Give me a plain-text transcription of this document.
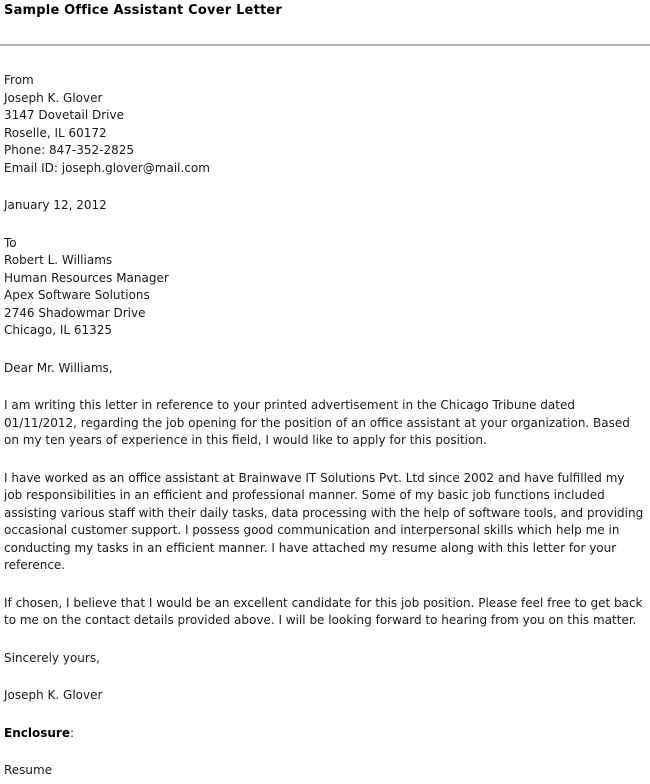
Sample Office Assistant Cover Letter
From
Joseph K. Glover
3147 Dovetail Drive
Roselle, IL 60172
Phone: 847-352-2825
Email ID: joseph.glover@mail.com
January 12, 2012
To
Robert L. Williams
Human Resources Manager
Apex Software Solutions
2746 Shadowmar Drive
Chicago, IL 61325
Dear Mr. Williams,
I am writing this letter in reference to your printed advertisement in the Chicago Tribune dated 01/11/2012, regarding the job opening for the position of an office assistant at your organization. Based on my ten years of experience in this field, I would like to apply for this position.
I have worked as an office assistant at Brainwave IT Solutions Pvt. Ltd since 2002 and have fulfilled my job responsibilities in an efficient and professional manner. Some of my basic job functions included assisting various staff with their daily tasks, data processing with the help of software tools, and providing occasional customer support. I possess good communication and interpersonal skills which help me in conducting my tasks in an efficient manner. I have attached my resume along with this letter for your reference.
If chosen, I believe that I would be an excellent candidate for this job position. Please feel free to get back to me on the contact details provided above. I will be looking forward to hearing from you on this matter.
Sincerely yours,
Joseph K. Glover
Enclosure:
Resume
